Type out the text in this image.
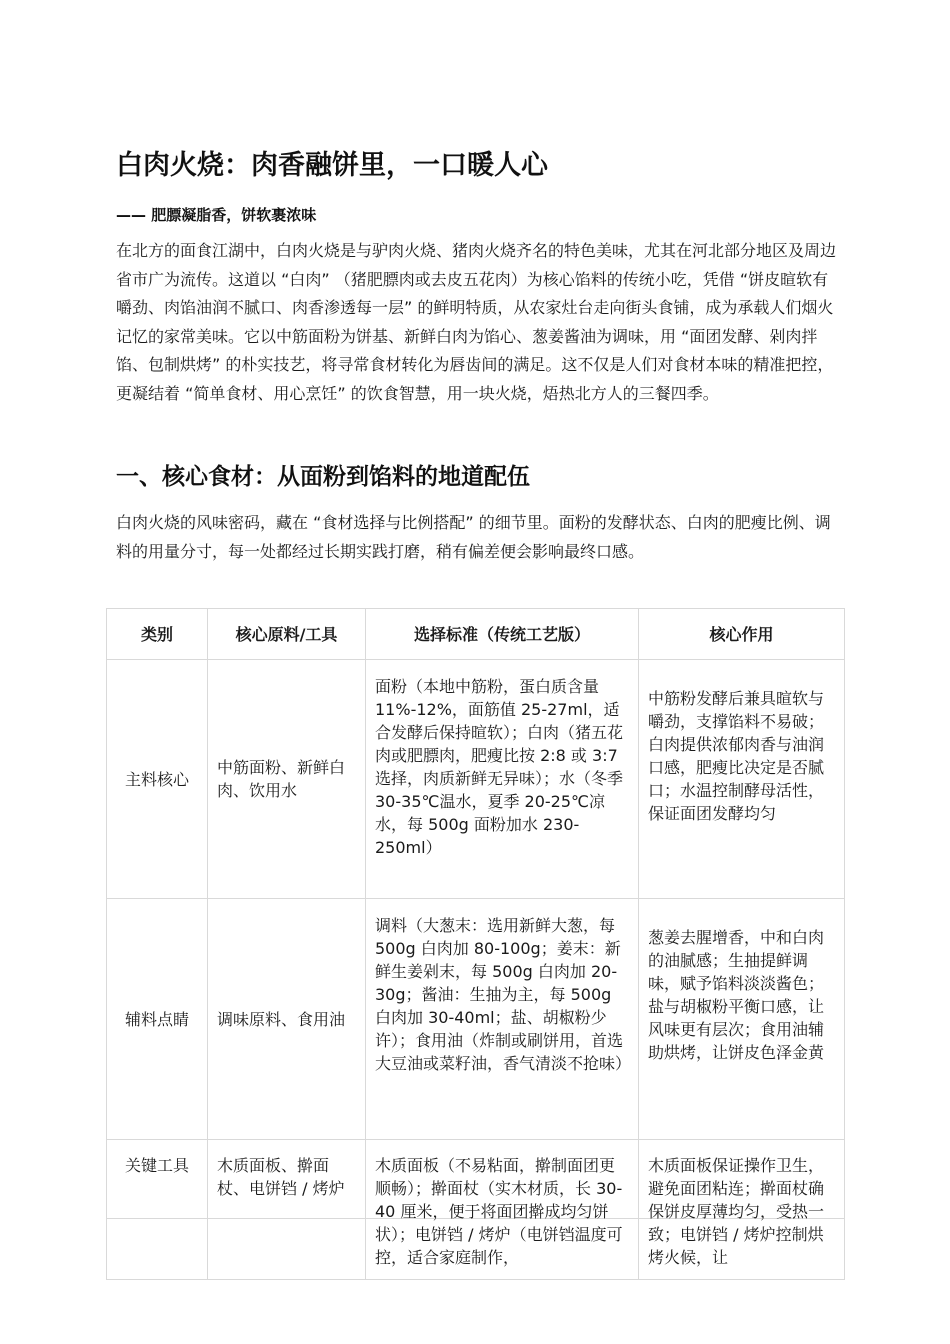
白肉火烧：肉香融饼里，一口暖人心

—— 肥膘凝脂香，饼软裹浓味

在北方的面食江湖中，白肉火烧是与驴肉火烧、猪肉火烧齐名的特色美味，尤其在河北部分地区及周边省市广为流传。这道以 “白肉” （猪肥膘肉或去皮五花肉）为核心馅料的传统小吃，凭借 “饼皮暄软有嚼劲、肉馅油润不腻口、肉香渗透每一层” 的鲜明特质，从农家灶台走向街头食铺，成为承载人们烟火记忆的家常美味。它以中筋面粉为饼基、新鲜白肉为馅心、葱姜酱油为调味，用 “面团发酵、剁肉拌馅、包制烘烤” 的朴实技艺，将寻常食材转化为唇齿间的满足。这不仅是人们对食材本味的精准把控，更凝结着 “简单食材、用心烹饪” 的饮食智慧，用一块火烧，焐热北方人的三餐四季。

一、核心食材：从面粉到馅料的地道配伍

白肉火烧的风味密码，藏在 “食材选择与比例搭配” 的细节里。面粉的发酵状态、白肉的肥瘦比例、调料的用量分寸，每一处都经过长期实践打磨，稍有偏差便会影响最终口感。

类别	核心原料/工具	选择标准（传统工艺版）	核心作用
主料核心	中筋面粉、新鲜白肉、饮用水	面粉（本地中筋粉，蛋白质含量 11%-12%，面筋值 25-27ml，适合发酵后保持暄软）；白肉（猪五花肉或肥膘肉，肥瘦比按 2:8 或 3:7 选择，肉质新鲜无异味）；水（冬季 30-35℃温水，夏季 20-25℃凉水，每 500g 面粉加水 230-250ml）	中筋粉发酵后兼具暄软与嚼劲，支撑馅料不易破；白肉提供浓郁肉香与油润口感，肥瘦比决定是否腻口；水温控制酵母活性，保证面团发酵均匀
辅料点睛	调味原料、食用油	调料（大葱末：选用新鲜大葱，每 500g 白肉加 80-100g；姜末：新鲜生姜剁末，每 500g 白肉加 20-30g；酱油：生抽为主，每 500g 白肉加 30-40ml；盐、胡椒粉少许）；食用油（炸制或刷饼用，首选大豆油或菜籽油，香气清淡不抢味）	葱姜去腥增香，中和白肉的油腻感；生抽提鲜调味，赋予馅料淡淡酱色；盐与胡椒粉平衡口感，让风味更有层次；食用油辅助烘烤，让饼皮色泽金黄
关键工具	木质面板、擀面杖、电饼铛 / 烤炉	木质面板（不易粘面，擀制面团更顺畅）；擀面杖（实木材质，长 30-40 厘米，便于将面团擀成均匀饼状）；电饼铛 / 烤炉（电饼铛温度可控，适合家庭制作，	木质面板保证操作卫生，避免面团粘连；擀面杖确保饼皮厚薄均匀，受热一致；电饼铛 / 烤炉控制烘烤火候，让
